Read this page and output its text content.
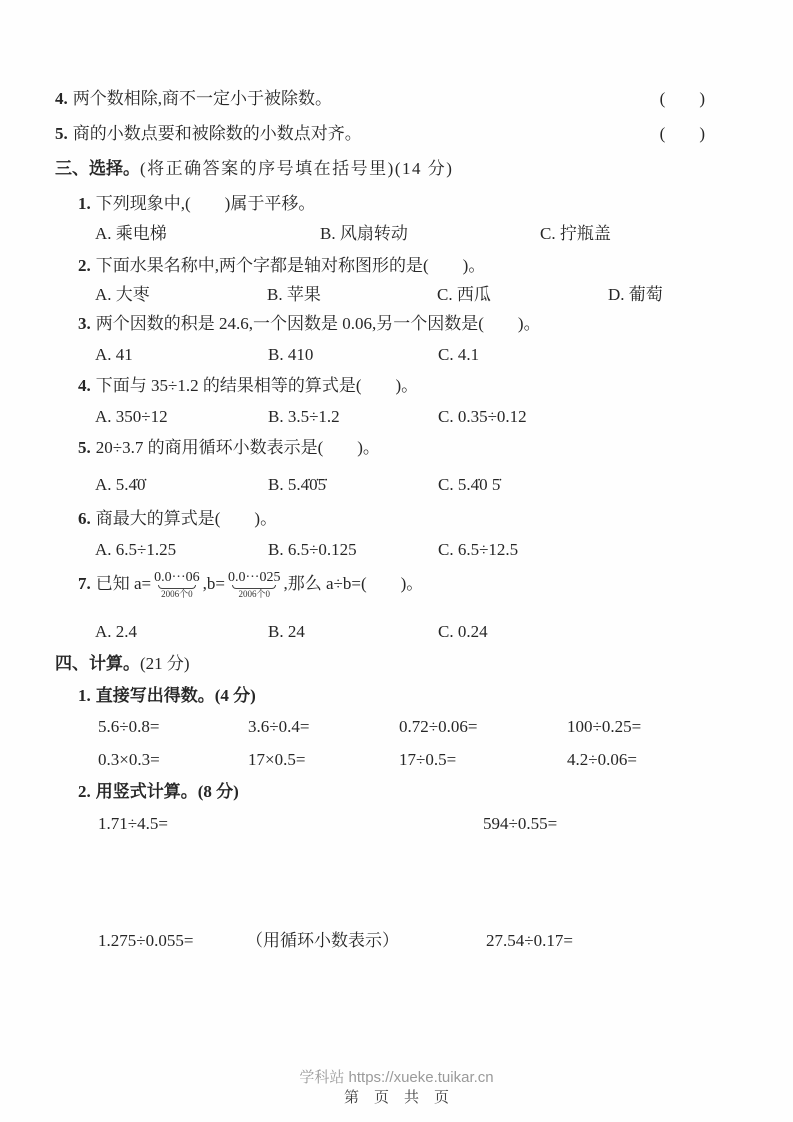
4. 两个数相除,商不一定小于被除数。	(　　)
5. 商的小数点要和被除数的小数点对齐。	(　　)
三、选择。(将正确答案的序号填在括号里)(14 分)
1. 下列现象中,(　　)属于平移。
A. 乘电梯	B. 风扇转动	C. 拧瓶盖
2. 下面水果名称中,两个字都是轴对称图形的是(　　)。
A. 大枣	B. 苹果	C. 西瓜	D. 葡萄
3. 两个因数的积是 24.6,一个因数是 0.06,另一个因数是(　　)。
A. 41	B. 410	C. 4.1
4. 下面与 35÷1.2 的结果相等的算式是(　　)。
A. 350÷12	B. 3.5÷1.2	C. 0.35÷0.12
5. 20÷3.7 的商用循环小数表示是(　　)。
A. 5.4̇0̇	B. 5.4̇0̇5̇	C. 5.4̇0 5̇
6. 商最大的算式是(　　)。
A. 6.5÷1.25	B. 6.5÷0.125	C. 6.5÷12.5
7. 已知 a= 0.0···06
2006个0
,b= 0.0···025
2006个0
,那么 a÷b=(　　)。
A. 2.4	B. 24	C. 0.24
四、计算。(21 分)
1. 直接写出得数。(4 分)
5.6÷0.8=	3.6÷0.4=	0.72÷0.06=	100÷0.25=
0.3×0.3=	17×0.5=	17÷0.5=	4.2÷0.06=
2. 用竖式计算。(8 分)
1.71÷4.5=	594÷0.55=
1.275÷0.055=	（用循环小数表示）	27.54÷0.17=
学科站 https://xueke.tuikar.cn
第　页　共　页
